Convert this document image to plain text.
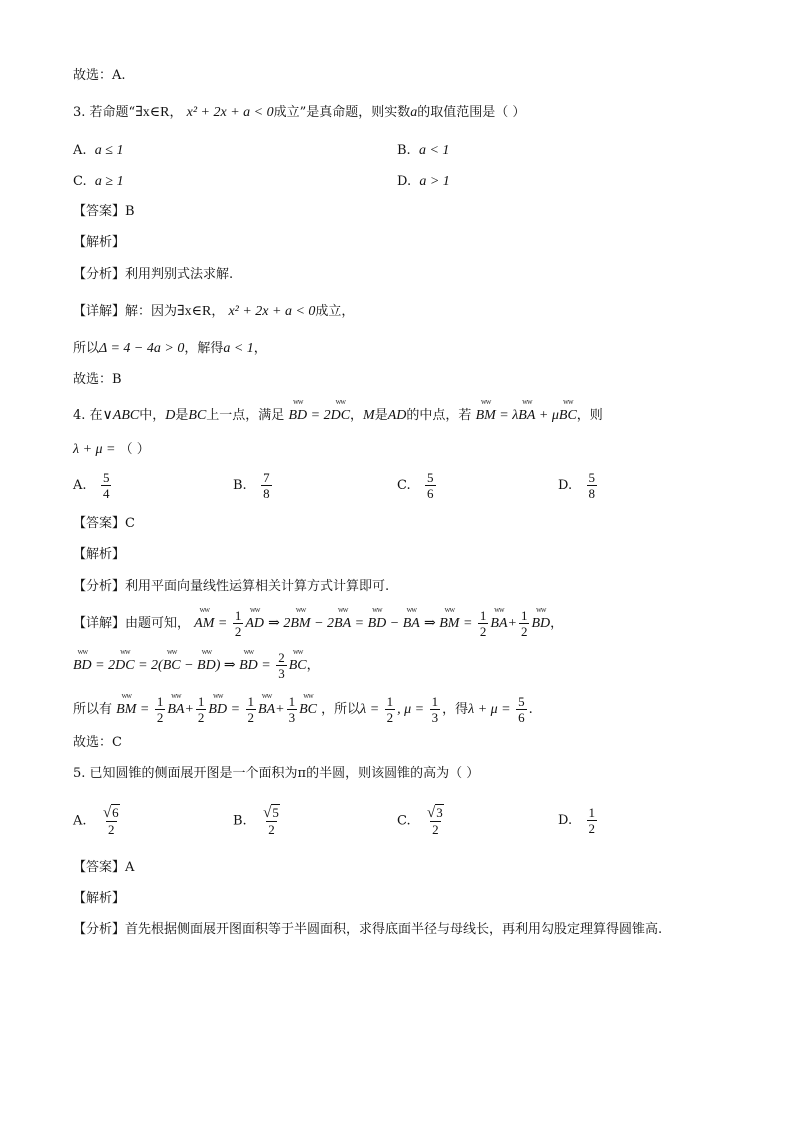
故选：A.
3. 若命题“∃x∈R， x² + 2x + a < 0成立”是真命题，则实数a的取值范围是（ ）
A. a ≤ 1	B. a < 1
C. a ≥ 1	D. a > 1
【答案】B
【解析】
【分析】利用判别式法求解.
【详解】解：因为∃x∈R， x² + 2x + a < 0成立，
所以Δ = 4 − 4a > 0，解得a < 1，
故选：B
4. 在∨ABC中，D是BC上一点，满足 ww BD = 2ww DC，M是AD的中点，若 ww BM = λww BA + μww BC，则
λ + μ = （ ）
A. $\frac{5}{4}$	B. $\frac{7}{8}$	C. $\frac{5}{6}$	D. $\frac{5}{8}$
【答案】C
【解析】
【分析】利用平面向量线性运算相关计算方式计算即可.
【详解】由题可知， ww AM = $\frac{1}{2}$ ww AD ⇒ 2ww BM − 2ww BA = ww BD − ww BA ⇒ ww BM = $\frac{1}{2}$ ww $BA+ \frac{1}{2}$ ww BD，
ww BD = 2ww DC = 2(ww BC − ww BD) ⇒ ww BD = $\frac{2}{3}$ ww BC，
所以有 ww BM = $\frac{1}{2}$ ww $BA+ \frac{1}{2}$ ww BD = $\frac{1}{2}$ ww $BA+ \frac{1}{3}$ ww BC ，所以$\lambda = \frac{1}{2}$ , $\mu = \frac{1}{3}$ ，得$\lambda + \mu = \frac{5}{6}$ .
故选：C
5. 已知圆锥的侧面展开图是一个面积为π的半圆，则该圆锥的高为（ ）
A. $\frac{√6}{2}$	B. $\frac{√5}{2}$	C. $\frac{√3}{2}$	D. $\frac{1}{2}$
【答案】A
【解析】
【分析】首先根据侧面展开图面积等于半圆面积，求得底面半径与母线长，再利用勾股定理算得圆锥高.
